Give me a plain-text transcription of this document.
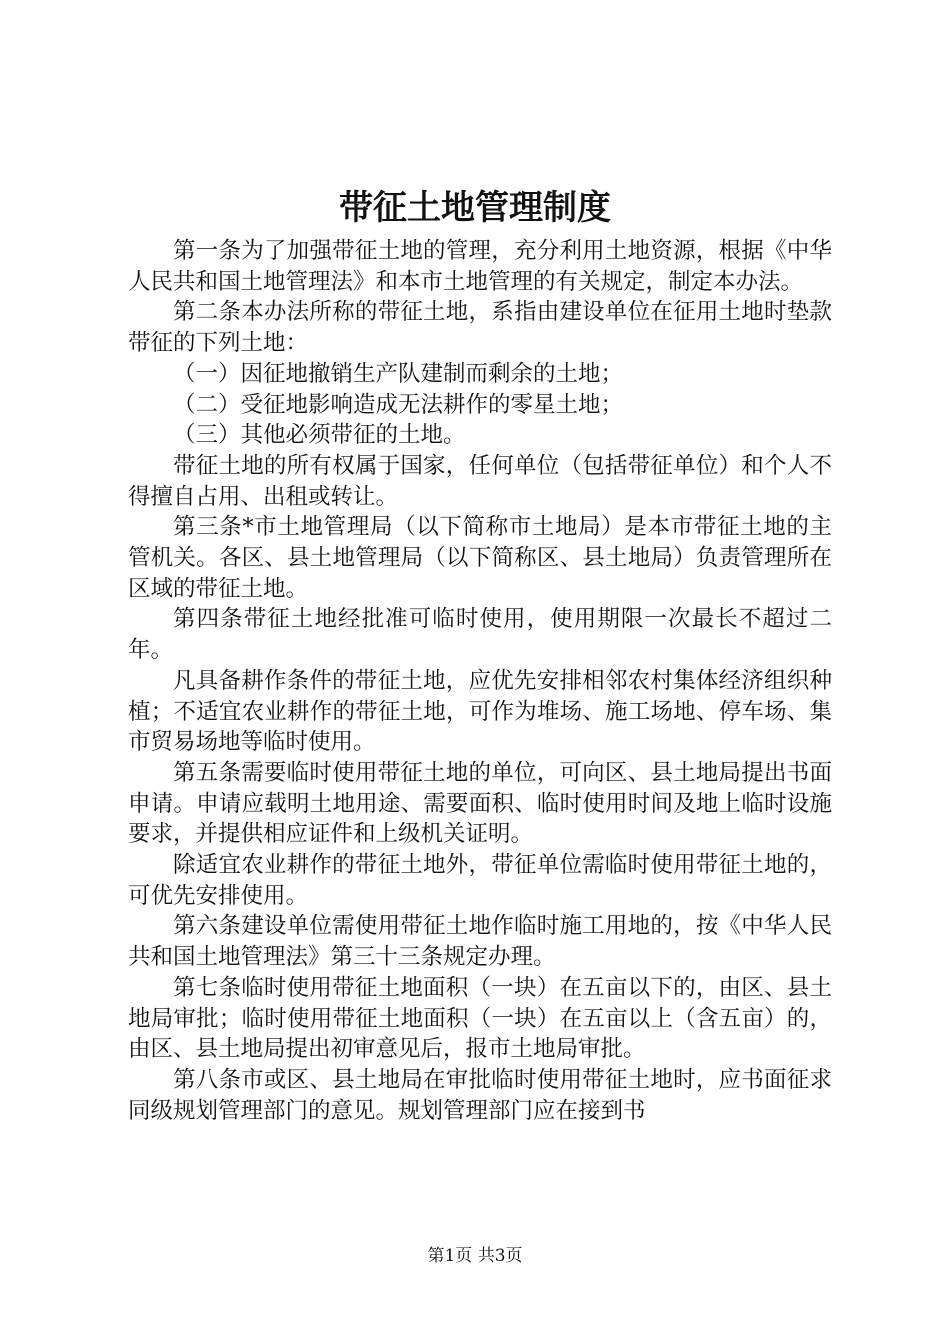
带征土地管理制度

第一条为了加强带征土地的管理，充分利用土地资源，根据《中华人民共和国土地管理法》和本市土地管理的有关规定，制定本办法。

第二条本办法所称的带征土地，系指由建设单位在征用土地时垫款带征的下列土地：

（一）因征地撤销生产队建制而剩余的土地；

（二）受征地影响造成无法耕作的零星土地；

（三）其他必须带征的土地。

带征土地的所有权属于国家，任何单位（包括带征单位）和个人不得擅自占用、出租或转让。

第三条*市土地管理局（以下简称市土地局）是本市带征土地的主管机关。各区、县土地管理局（以下简称区、县土地局）负责管理所在区域的带征土地。

第四条带征土地经批准可临时使用，使用期限一次最长不超过二年。

凡具备耕作条件的带征土地，应优先安排相邻农村集体经济组织种植；不适宜农业耕作的带征土地，可作为堆场、施工场地、停车场、集市贸易场地等临时使用。

第五条需要临时使用带征土地的单位，可向区、县土地局提出书面申请。申请应载明土地用途、需要面积、临时使用时间及地上临时设施要求，并提供相应证件和上级机关证明。

除适宜农业耕作的带征土地外，带征单位需临时使用带征土地的，可优先安排使用。

第六条建设单位需使用带征土地作临时施工用地的，按《中华人民共和国土地管理法》第三十三条规定办理。

第七条临时使用带征土地面积（一块）在五亩以下的，由区、县土地局审批；临时使用带征土地面积（一块）在五亩以上（含五亩）的，由区、县土地局提出初审意见后，报市土地局审批。

第八条市或区、县土地局在审批临时使用带征土地时，应书面征求同级规划管理部门的意见。规划管理部门应在接到书

第1页 共3页
